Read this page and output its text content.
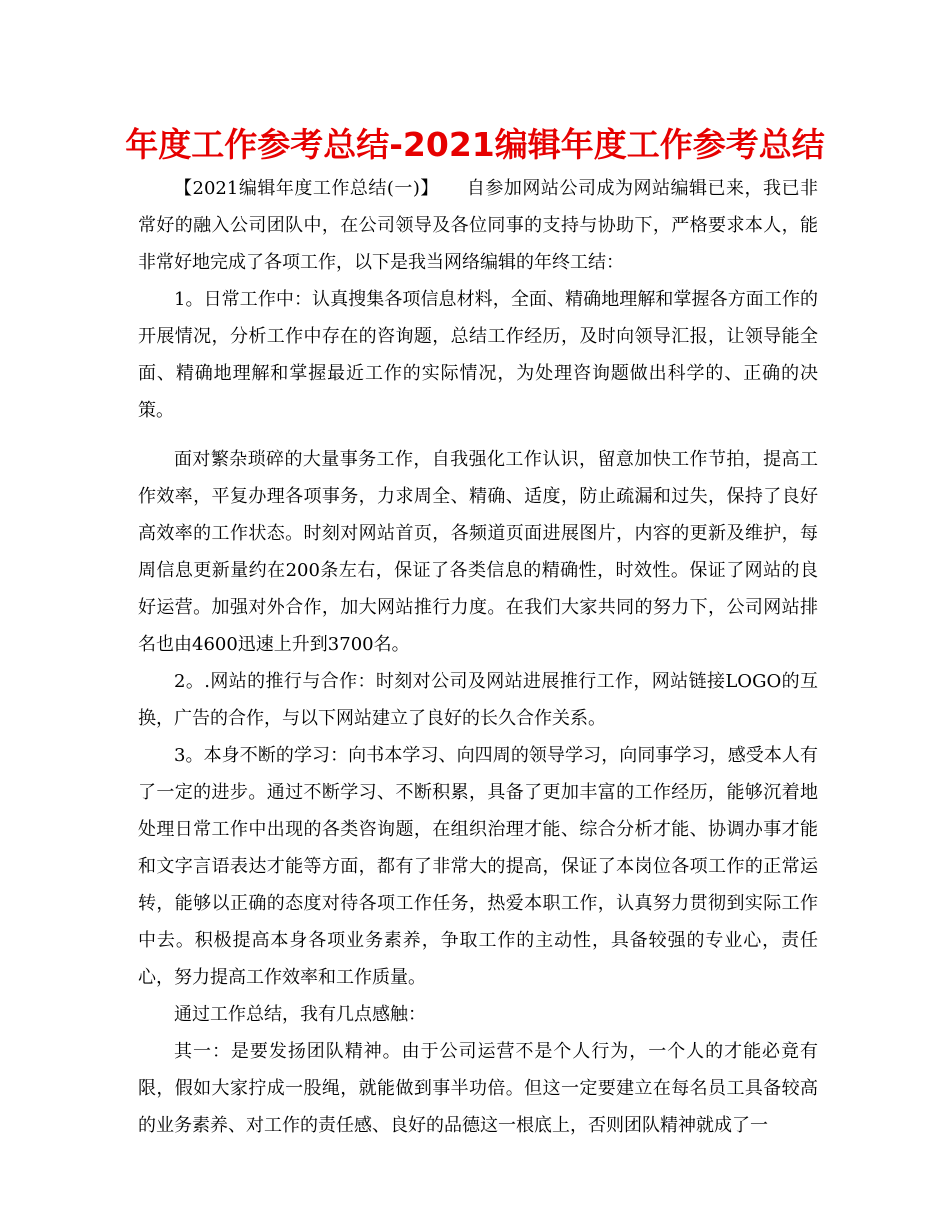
年度工作参考总结-2021编辑年度工作参考总结

【2021编辑年度工作总结(一)】　　自参加网站公司成为网站编辑已来，我已非常好的融入公司团队中，在公司领导及各位同事的支持与协助下，严格要求本人，能非常好地完成了各项工作，以下是我当网络编辑的年终工结：

1。日常工作中：认真搜集各项信息材料，全面、精确地理解和掌握各方面工作的开展情况，分析工作中存在的咨询题，总结工作经历，及时向领导汇报，让领导能全面、精确地理解和掌握最近工作的实际情况，为处理咨询题做出科学的、正确的决策。

面对繁杂琐碎的大量事务工作，自我强化工作认识，留意加快工作节拍，提高工作效率，平复办理各项事务，力求周全、精确、适度，防止疏漏和过失，保持了良好高效率的工作状态。时刻对网站首页，各频道页面进展图片，内容的更新及维护，每周信息更新量约在200条左右，保证了各类信息的精确性，时效性。保证了网站的良好运营。加强对外合作，加大网站推行力度。在我们大家共同的努力下，公司网站排名也由4600迅速上升到3700名。

2。.网站的推行与合作：时刻对公司及网站进展推行工作，网站链接LOGO的互换，广告的合作，与以下网站建立了良好的长久合作关系。

3。本身不断的学习：向书本学习、向四周的领导学习，向同事学习，感受本人有了一定的进步。通过不断学习、不断积累，具备了更加丰富的工作经历，能够沉着地处理日常工作中出现的各类咨询题，在组织治理才能、综合分析才能、协调办事才能和文字言语表达才能等方面，都有了非常大的提高，保证了本岗位各项工作的正常运转，能够以正确的态度对待各项工作任务，热爱本职工作，认真努力贯彻到实际工作中去。积极提高本身各项业务素养，争取工作的主动性，具备较强的专业心，责任心，努力提高工作效率和工作质量。

通过工作总结，我有几点感触：

其一：是要发扬团队精神。由于公司运营不是个人行为，一个人的才能必竟有限，假如大家拧成一股绳，就能做到事半功倍。但这一定要建立在每名员工具备较高的业务素养、对工作的责任感、良好的品德这一根底上，否则团队精神就成了一
